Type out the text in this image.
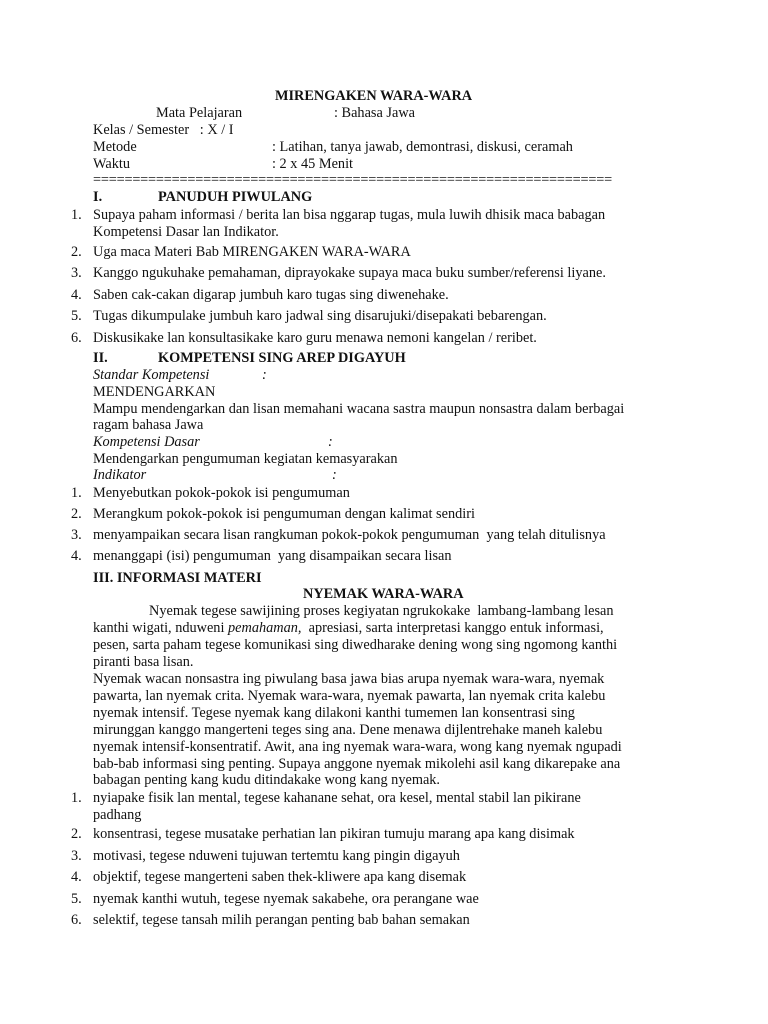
MIRENGAKEN WARA-WARA
Mata Pelajaran	: Bahasa Jawa
Kelas / Semester   : X / I
Metode	: Latihan, tanya jawab, demontrasi, diskusi, ceramah
Waktu	: 2 x 45 Menit
==================================================================
I.	PANUDUH PIWULANG
1. Supaya paham informasi / berita lan bisa nggarap tugas, mula luwih dhisik maca babagan
Kompetensi Dasar lan Indikator.
2. Uga maca Materi Bab MIRENGAKEN WARA-WARA
3. Kanggo ngukuhake pemahaman, diprayokake supaya maca buku sumber/referensi liyane.
4. Saben cak-cakan digarap jumbuh karo tugas sing diwenehake.
5. Tugas dikumpulake jumbuh karo jadwal sing disarujuki/disepakati bebarengan.
6. Diskusikake lan konsultasikake karo guru menawa nemoni kangelan / reribet.
II.	KOMPETENSI SING AREP DIGAYUH
Standar Kompetensi	:
MENDENGARKAN
Mampu mendengarkan dan lisan memahani wacana sastra maupun nonsastra dalam berbagai
ragam bahasa Jawa
Kompetensi Dasar	:
Mendengarkan pengumuman kegiatan kemasyarakan
Indikator	:
1. Menyebutkan pokok-pokok isi pengumuman
2. Merangkum pokok-pokok isi pengumuman dengan kalimat sendiri
3. menyampaikan secara lisan rangkuman pokok-pokok pengumuman  yang telah ditulisnya
4. menanggapi (isi) pengumuman  yang disampaikan secara lisan
III. INFORMASI MATERI
NYEMAK WARA-WARA
Nyemak tegese sawijining proses kegiyatan ngrukokake  lambang-lambang lesan
kanthi wigati, nduweni pemahaman,  apresiasi, sarta interpretasi kanggo entuk informasi,
pesen, sarta paham tegese komunikasi sing diwedharake dening wong sing ngomong kanthi
piranti basa lisan.
Nyemak wacan nonsastra ing piwulang basa jawa bias arupa nyemak wara-wara, nyemak
pawarta, lan nyemak crita. Nyemak wara-wara, nyemak pawarta, lan nyemak crita kalebu
nyemak intensif. Tegese nyemak kang dilakoni kanthi tumemen lan konsentrasi sing
mirunggan kanggo mangerteni teges sing ana. Dene menawa dijlentrehake maneh kalebu
nyemak intensif-konsentratif. Awit, ana ing nyemak wara-wara, wong kang nyemak ngupadi
bab-bab informasi sing penting. Supaya anggone nyemak mikolehi asil kang dikarepake ana
babagan penting kang kudu ditindakake wong kang nyemak.
1. nyiapake fisik lan mental, tegese kahanane sehat, ora kesel, mental stabil lan pikirane
padhang
2. konsentrasi, tegese musatake perhatian lan pikiran tumuju marang apa kang disimak
3. motivasi, tegese nduweni tujuwan tertemtu kang pingin digayuh
4. objektif, tegese mangerteni saben thek-kliwere apa kang disemak
5. nyemak kanthi wutuh, tegese nyemak sakabehe, ora perangane wae
6. selektif, tegese tansah milih perangan penting bab bahan semakan
